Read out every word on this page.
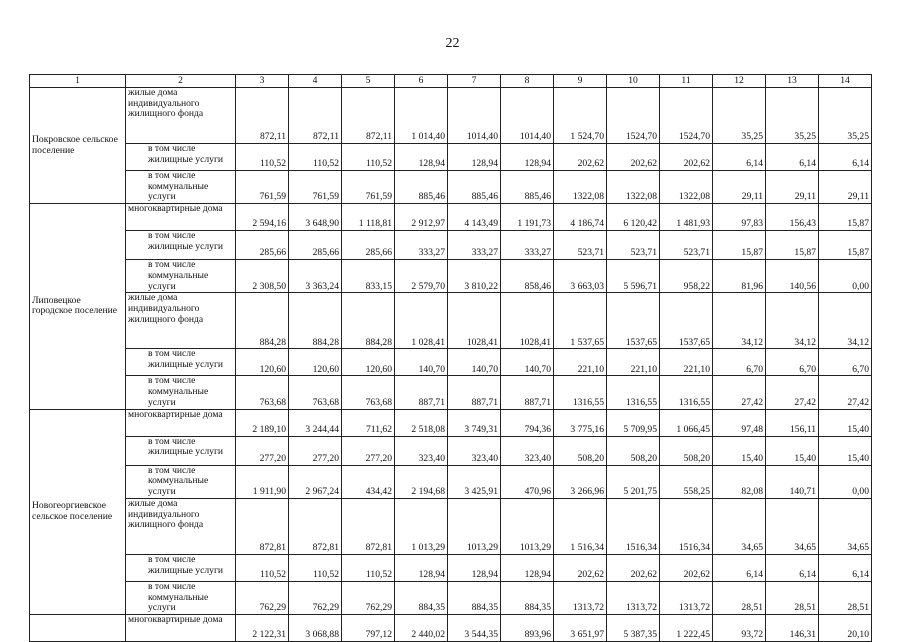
22
1	2	3	4	5	6	7	8	9	10	11	12	13	14
Покровское сельское поселение	жилые дома индивидуального жилищного фонда	872,11	872,11	872,11	1 014,40	1014,40	1014,40	1 524,70	1524,70	1524,70	35,25	35,25	35,25
	в том числе жилищные услуги	110,52	110,52	110,52	128,94	128,94	128,94	202,62	202,62	202,62	6,14	6,14	6,14
	в том числе коммунальные услуги	761,59	761,59	761,59	885,46	885,46	885,46	1322,08	1322,08	1322,08	29,11	29,11	29,11
Липовецкое городское поселение	многоквартирные дома	2 594,16	3 648,90	1 118,81	2 912,97	4 143,49	1 191,73	4 186,74	6 120,42	1 481,93	97,83	156,43	15,87
	в том числе жилищные услуги	285,66	285,66	285,66	333,27	333,27	333,27	523,71	523,71	523,71	15,87	15,87	15,87
	в том числе коммунальные услуги	2 308,50	3 363,24	833,15	2 579,70	3 810,22	858,46	3 663,03	5 596,71	958,22	81,96	140,56	0,00
	жилые дома индивидуального жилищного фонда	884,28	884,28	884,28	1 028,41	1028,41	1028,41	1 537,65	1537,65	1537,65	34,12	34,12	34,12
	в том числе жилищные услуги	120,60	120,60	120,60	140,70	140,70	140,70	221,10	221,10	221,10	6,70	6,70	6,70
	в том числе коммунальные услуги	763,68	763,68	763,68	887,71	887,71	887,71	1316,55	1316,55	1316,55	27,42	27,42	27,42
Новогеоргиевское сельское поселение	многоквартирные дома	2 189,10	3 244,44	711,62	2 518,08	3 749,31	794,36	3 775,16	5 709,95	1 066,45	97,48	156,11	15,40
	в том числе жилищные услуги	277,20	277,20	277,20	323,40	323,40	323,40	508,20	508,20	508,20	15,40	15,40	15,40
	в том числе коммунальные услуги	1 911,90	2 967,24	434,42	2 194,68	3 425,91	470,96	3 266,96	5 201,75	558,25	82,08	140,71	0,00
	жилые дома индивидуального жилищного фонда	872,81	872,81	872,81	1 013,29	1013,29	1013,29	1 516,34	1516,34	1516,34	34,65	34,65	34,65
	в том числе жилищные услуги	110,52	110,52	110,52	128,94	128,94	128,94	202,62	202,62	202,62	6,14	6,14	6,14
	в том числе коммунальные услуги	762,29	762,29	762,29	884,35	884,35	884,35	1313,72	1313,72	1313,72	28,51	28,51	28,51
	многоквартирные дома	2 122,31	3 068,88	797,12	2 440,02	3 544,35	893,96	3 651,97	5 387,35	1 222,45	93,72	146,31	20,10
